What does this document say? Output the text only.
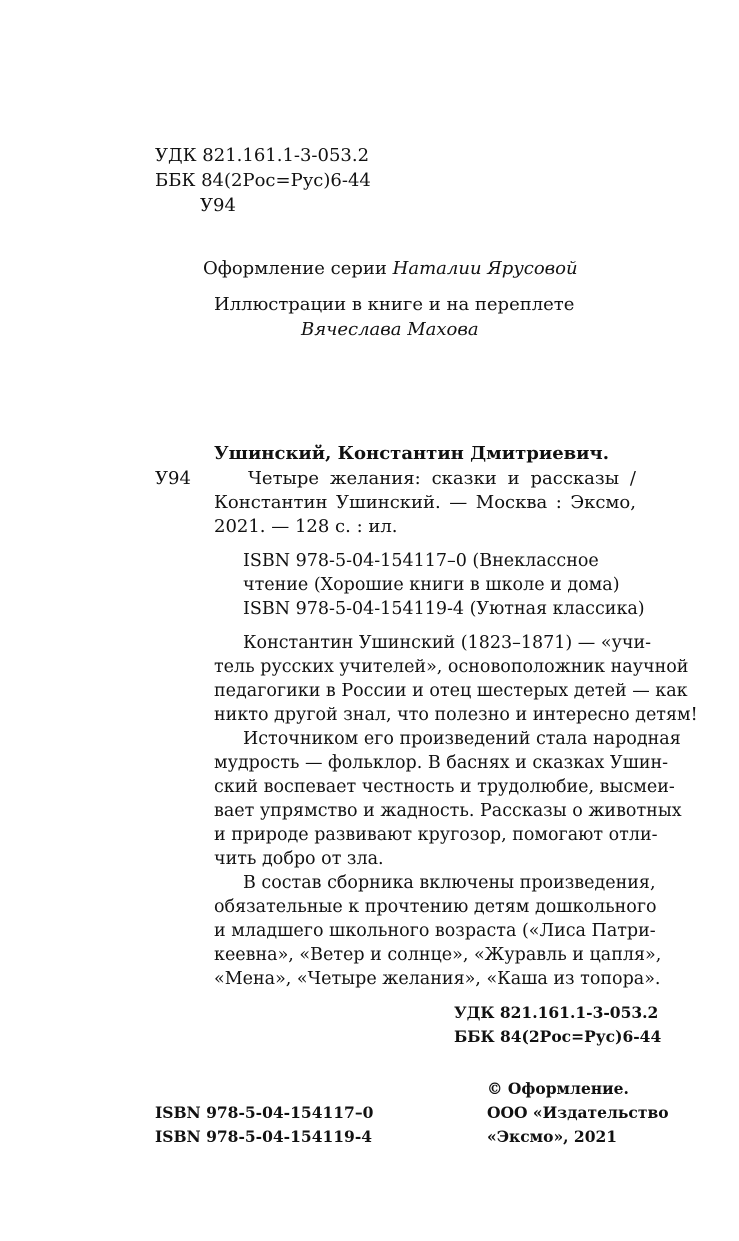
УДК 821.161.1-3-053.2
ББК 84(2Рос=Рус)6-44
У94
Оформление серии Наталии Ярусовой
Иллюстрации в книге и на переплете
Вячеслава Махова
Ушинский, Константин Дмитриевич.
У94	Четыре желания: сказки и рассказы /
Константин Ушинский. — Москва : Эксмо,
2021. — 128 с. : ил.
ISBN 978-5-04-154117–0 (Внеклассное
чтение (Хорошие книги в школе и дома)
ISBN 978-5-04-154119-4 (Уютная классика)
Константин Ушинский (1823–1871) — «учи-
тель русских учителей», основоположник научной
педагогики в России и отец шестерых детей — как
никто другой знал, что полезно и интересно детям!
Источником его произведений стала народная
мудрость — фольклор. В баснях и сказках Ушин-
ский воспевает честность и трудолюбие, высмеи-
вает упрямство и жадность. Рассказы о животных
и природе развивают кругозор, помогают отли-
чить добро от зла.
В состав сборника включены произведения,
обязательные к прочтению детям дошкольного
и младшего школьного возраста («Лиса Патри-
кеевна», «Ветер и солнце», «Журавль и цапля»,
«Мена», «Четыре желания», «Каша из топора».
УДК 821.161.1-3-053.2
ББК 84(2Рос=Рус)6-44
ISBN 978-5-04-154117–0
ISBN 978-5-04-154119-4
© Оформление.
ООО «Издательство
«Эксмо», 2021
